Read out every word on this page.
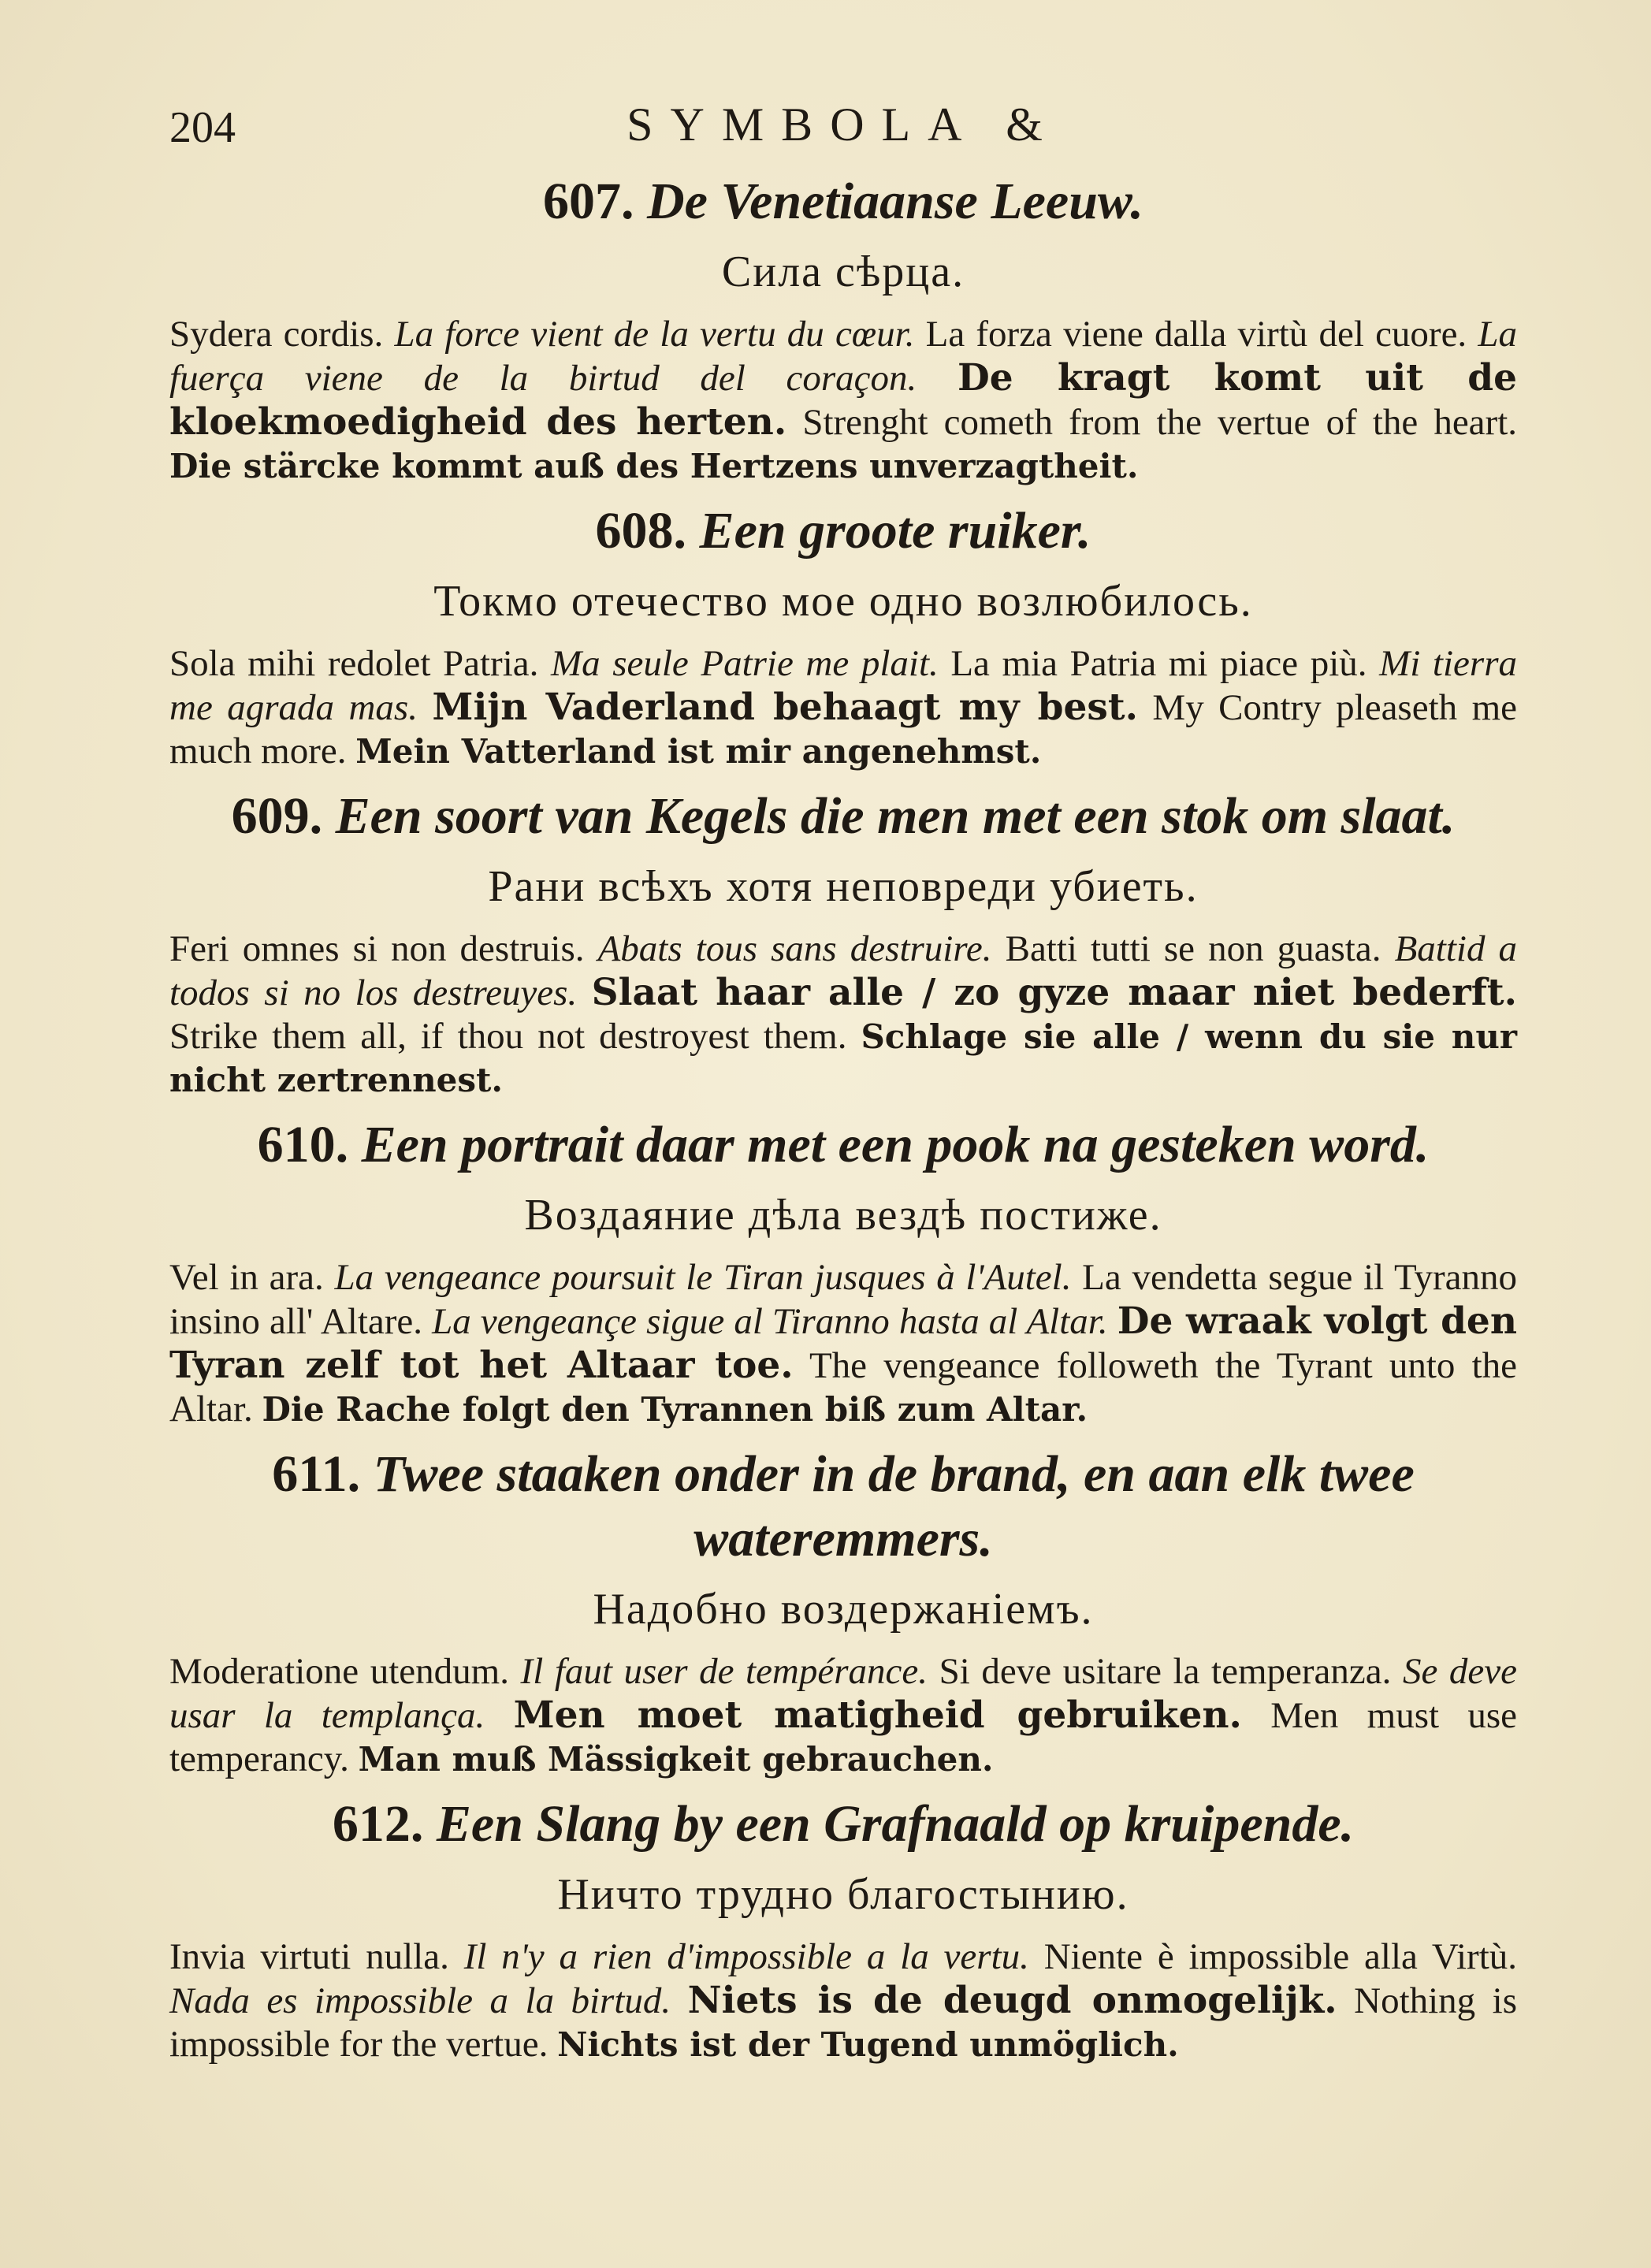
204	SYMBOLA &
607. De Venetiaanse Leeuw.
Сила сѣрца.

Sydera cordis. La force vient de la vertu du cœur. La forza viene dalla virtù del cuore. La fuerça viene de la birtud del coraçon. De kragt komt uit de kloekmoedigheid des herten. Strenght cometh from the vertue of the heart. Die stärcke kommt auß des Hertzens unverzagtheit.

608. Een groote ruiker.
Токмо отечество мое одно возлюбилось.

Sola mihi redolet Patria. Ma seule Patrie me plait. La mia Patria mi piace più. Mi tierra me agrada mas. Mijn Vaderland behaagt my best. My Contry pleaseth me much more. Mein Vatterland ist mir angenehmst.

609. Een soort van Kegels die men met een stok om slaat.
Рани всѣхъ хотя неповреди убиеть.

Feri omnes si non destruis. Abats tous sans destruire. Batti tutti se non guasta. Battid a todos si no los destreuyes. Slaat haar alle / zo gyze maar niet bederft. Strike them all, if thou not destroyest them. Schlage sie alle / wenn du sie nur nicht zertrennest.

610. Een portrait daar met een pook na gesteken word.
Воздаяние дѣла вездѣ постиже.

Vel in ara. La vengeance poursuit le Tiran jusques à l'Autel. La vendetta segue il Tyranno insino all' Altare. La vengeançe sigue al Tiranno hasta al Altar. De wraak volgt den Tyran zelf tot het Altaar toe. The vengeance followeth the Tyrant unto the Altar. Die Rache folgt den Tyrannen biß zum Altar.

611. Twee staaken onder in de brand, en aan elk twee wateremmers.
Надобно воздержаніемъ.

Moderatione utendum. Il faut user de tempérance. Si deve usitare la temperanza. Se deve usar la templança. Men moet matigheid gebruiken. Men must use temperancy. Man muß Mässigkeit gebrauchen.

612. Een Slang by een Grafnaald op kruipende.
Ничто трудно благостынию.

Invia virtuti nulla. Il n'y a rien d'impossible a la vertu. Niente è impossible alla Virtù. Nada es impossible a la birtud. Niets is de deugd onmogelijk. Nothing is impossible for the vertue. Nichts ist der Tugend unmöglich.
